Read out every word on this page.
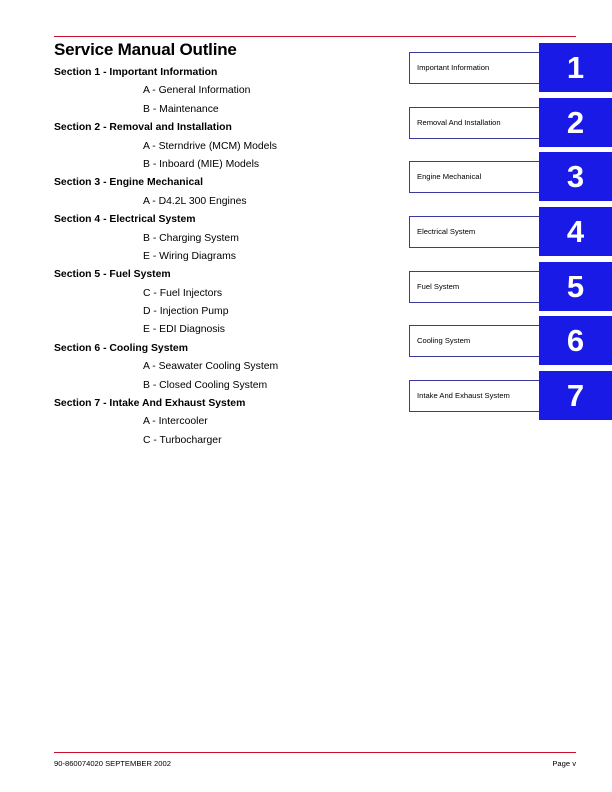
Service Manual Outline
Section 1 - Important Information
A - General Information
B - Maintenance
Section 2 - Removal and Installation
A - Sterndrive (MCM) Models
B - Inboard (MIE) Models
Section 3 - Engine Mechanical
A - D4.2L 300 Engines
Section 4 - Electrical System
B - Charging System
E - Wiring Diagrams
Section 5 - Fuel System
C - Fuel Injectors
D - Injection Pump
E - EDI Diagnosis
Section 6 - Cooling System
A - Seawater Cooling System
B - Closed Cooling System
Section 7 - Intake And Exhaust System
A - Intercooler
C - Turbocharger
Important Information	1
Removal And Installation	2
Engine Mechanical	3
Electrical System	4
Fuel System	5
Cooling System	6
Intake And Exhaust System	7
90-860074020 SEPTEMBER 2002	Page v
